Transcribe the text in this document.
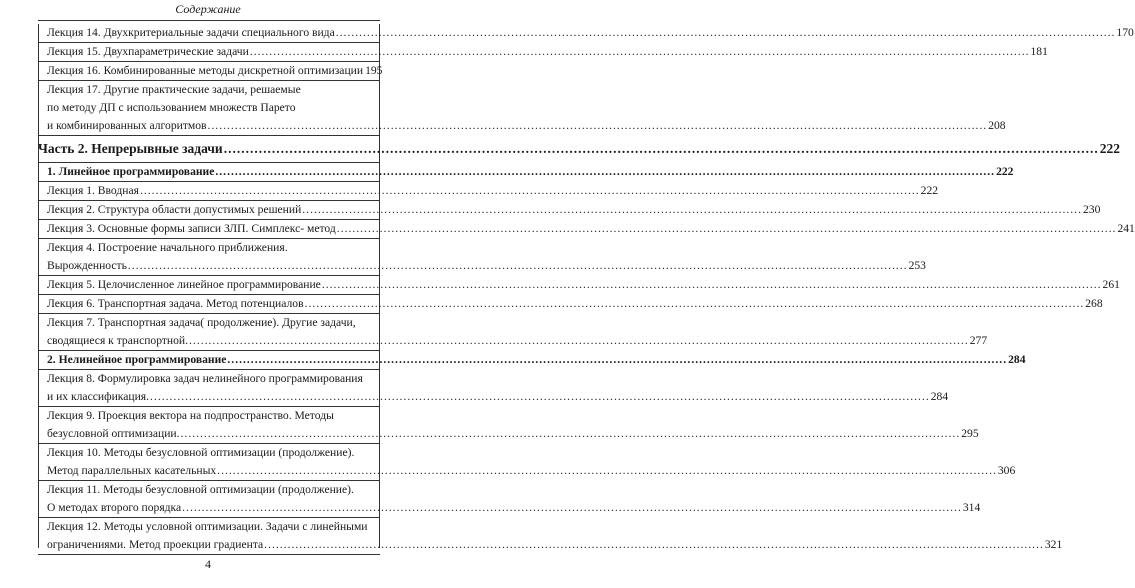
Содержание
Лекция 14. Двухкритериальные задачи специального вида ........................................................................................................................................................................................................ 170
Лекция 15. Двухпараметрические задачи ........................................................................................................................................................................................................ 181
Лекция 16. Комбинированные методы дискретной оптимизации 195
Лекция 17. Другие практические задачи, решаемые
по методу ДП с использованием множеств Парето
и комбинированных алгоритмов ........................................................................................................................................................................................................ 208
Часть 2. Непрерывные задачи ........................................................................................................................................................................................................ 222
1. Линейное программирование ........................................................................................................................................................................................................ 222
Лекция 1. Вводная ........................................................................................................................................................................................................ 222
Лекция 2. Структура области допустимых решений ........................................................................................................................................................................................................ 230
Лекция 3. Основные формы записи ЗЛП. Симплекс- метод ........................................................................................................................................................................................................ 241
Лекция 4. Построение начального приближения.
Вырожденность ........................................................................................................................................................................................................ 253
Лекция 5. Целочисленное линейное программирование ........................................................................................................................................................................................................ 261
Лекция 6. Транспортная задача. Метод потенциалов ........................................................................................................................................................................................................ 268
Лекция 7. Транспортная задача( продолжение). Другие задачи,
сводящиеся к транспортной. ........................................................................................................................................................................................................ 277
2. Нелинейное программирование ........................................................................................................................................................................................................ 284
Лекция 8. Формулировка задач нелинейного программирования
и их классификация. ........................................................................................................................................................................................................ 284
Лекция 9. Проекция вектора на подпространство. Методы
безусловной оптимизации. ........................................................................................................................................................................................................ 295
Лекция 10. Методы безусловной оптимизации (продолжение).
Метод параллельных касательных ........................................................................................................................................................................................................ 306
Лекция 11. Методы безусловной оптимизации (продолжение).
О методах второго порядка ........................................................................................................................................................................................................ 314
Лекция 12. Методы условной оптимизации. Задачи с линейными
ограничениями. Метод проекции градиента ........................................................................................................................................................................................................ 321
4
